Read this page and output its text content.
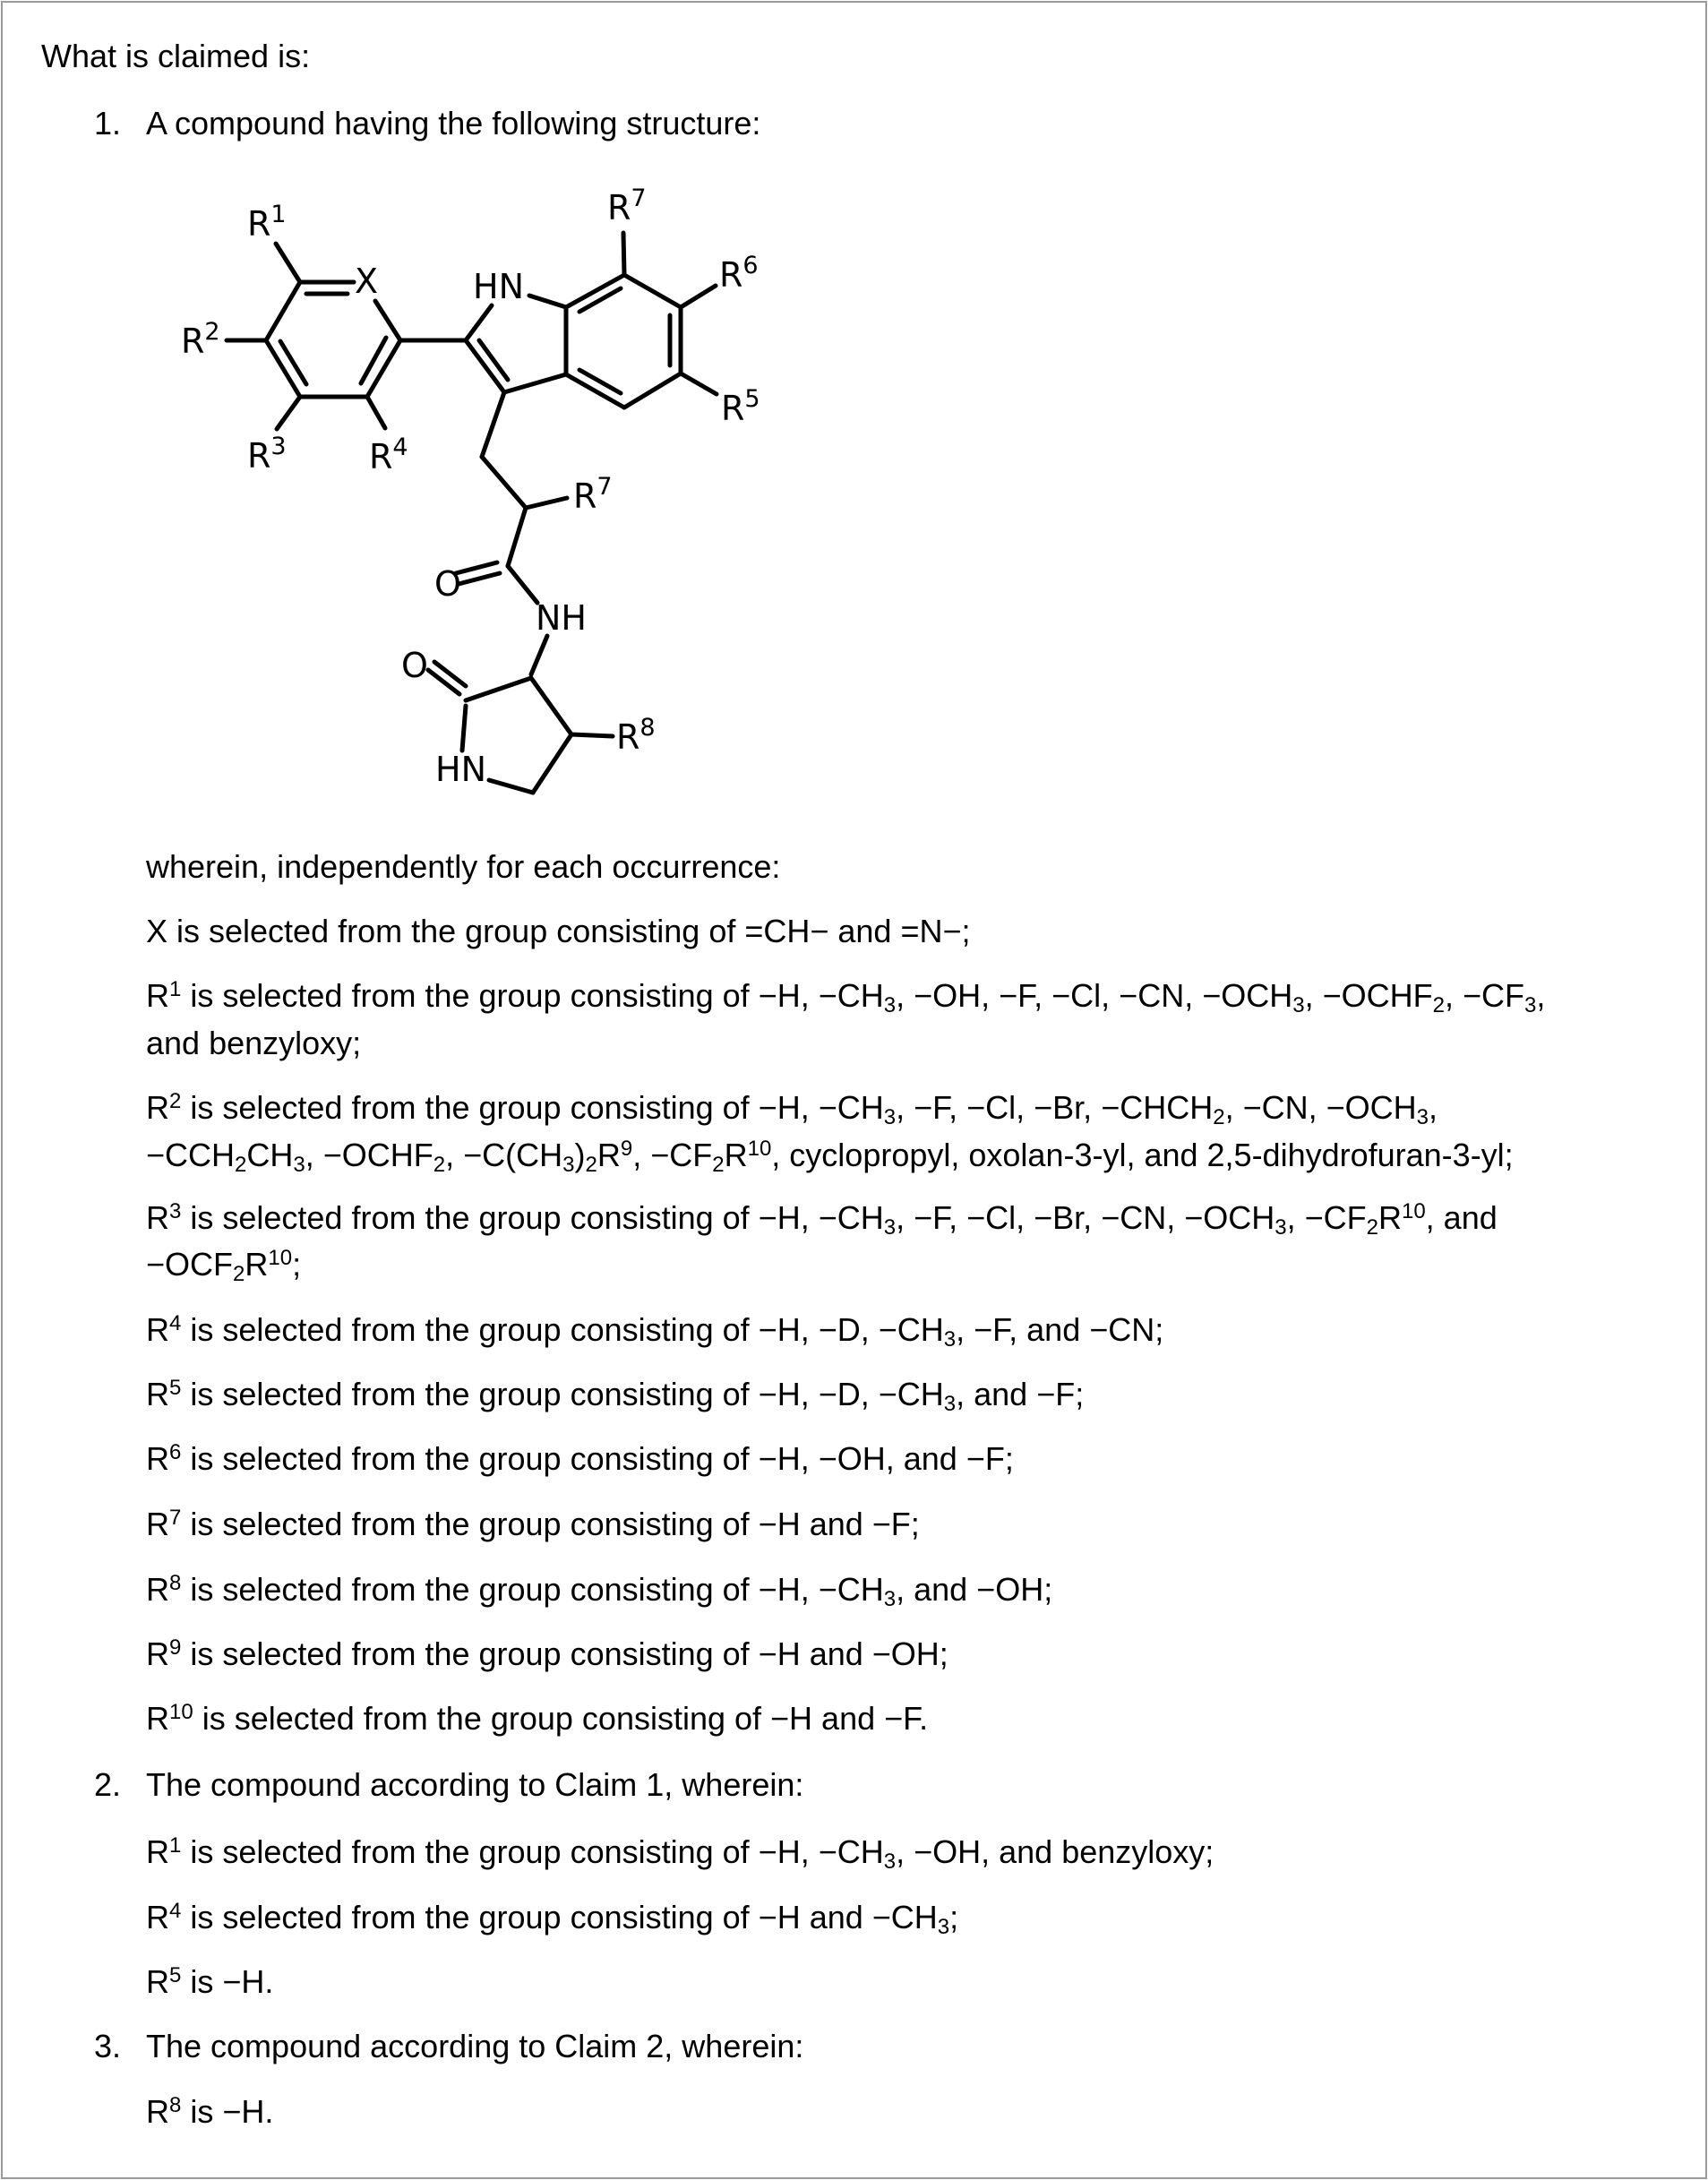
What is claimed is:
1. A compound having the following structure:
$R^1$
X
$R^2$
$R^3$ $R^4$
HN
$R^7$
$R^6$
$R^5$
$R^7$
O
NH
O
HN
$R^8$
wherein, independently for each occurrence:
X is selected from the group consisting of =CH− and =N−;
$R^1$ is selected from the group consisting of −H, $-CH_3$, −OH, −F, −Cl, −CN, $-OCH_3$, $-OCHF_2$, $-CF_3$,
and benzyloxy;
$R^2$ is selected from the group consisting of −H, $-CH_3$, −F, −Cl, −Br, $-CHCH_2$, −CN, $-OCH_3$,
$-CCH_2CH_3$, $-OCHF_2$, $-C(CH_3)_2R^9$, $-CF_2R^{10}$, cyclopropyl, oxolan-3-yl, and 2,5-dihydrofuran-3-yl;
$R^3$ is selected from the group consisting of −H, $-CH_3$, −F, −Cl, −Br, −CN, $-OCH_3$, $-CF_2R^{10}$, and
$-OCF_2R^{10}$;
$R^4$ is selected from the group consisting of −H, −D, $-CH_3$, −F, and −CN;
$R^5$ is selected from the group consisting of −H, −D, $-CH_3$, and −F;
$R^6$ is selected from the group consisting of −H, −OH, and −F;
$R^7$ is selected from the group consisting of −H and −F;
$R^8$ is selected from the group consisting of −H, $-CH_3$, and −OH;
$R^9$ is selected from the group consisting of −H and −OH;
$R^{10}$ is selected from the group consisting of −H and −F.
2. The compound according to Claim 1, wherein:
$R^1$ is selected from the group consisting of −H, $-CH_3$, −OH, and benzyloxy;
$R^4$ is selected from the group consisting of −H and $-CH_3$;
$R^5$ is −H.
3. The compound according to Claim 2, wherein:
$R^8$ is −H.
